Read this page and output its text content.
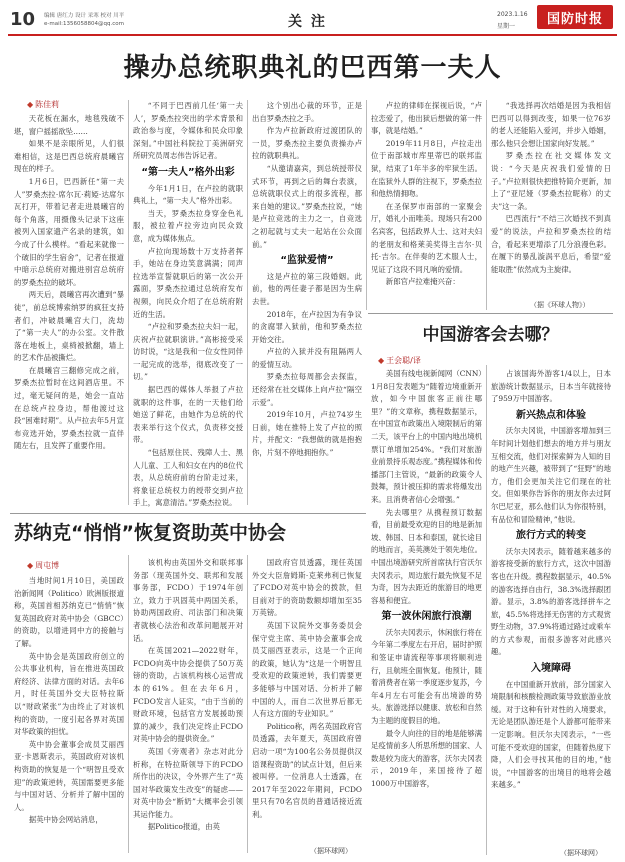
10 编辑 唐红力 设计 采寒 校对 川平
e-mail:1356058804@qq.com	关 注	2023.1.16
星期一	国防时报
操办总统职典礼的巴西第一夫人
◆ 陈佳莉

天花板在漏水，地毯残破不堪，窗户摇摇欲坠……

如果不是亲眼所见，人们很难相信，这是巴西总统府晨曦宫现在的样子。

1月6日，巴西新任“第一夫人”罗桑杰拉·席尔瓦·莉婭·达席尔瓦打开，带着记者走进晨曦宫的每个角落，用摄像头记录下这座被列入国家遗产名录的建筑，如今成了什么模样。“看起来就像一个破旧的学生宿舍”，记者在报道中暗示总统府对搬进别宫总统府的罗桑杰拉的破坏。

两天后，晨曦宫再次遭到“暴徒”，前总统博索纳罗的疯狂支持者们，冲破晨曦宫大门，洗劫了“第一夫人”的办公室。文件散落在地板上，桌椅被掀翻，墙上的艺术作品被撕烂。

在晨曦宫三翻修完成之前，罗桑杰拉暂时在这间酒店里。不过，毫无疑问的是，她会一直站在总统卢拉身边，帮他渡过这段“困难时期”。从卢拉去年5月宣布竞选开始，罗桑杰拉就一直伴随左右，且发挥了重要作用。

“不同于巴西前几任‘第一夫人’，罗桑杰拉突出的学术背景和政治参与度，令媒体和民众印象深刻。”中国社科院拉丁美洲研究所研究员周志伟告诉记者。

“第一夫人”格外出彩

今年1月1日，在卢拉的就职典礼上，“第一夫人”格外出彩。

当天，罗桑杰拉身穿金色礼服，被拉着卢拉旁边向民众致意，成为媒体焦点。

卢拉向现场数十万支持者挥手，她站在身边笑意满满；同声拉选举宣誓就职后的第一次公开露面，罗桑杰拉通过总统府发布视频，向民众介绍了在总统府附近的生活。

“卢拉和罗桑杰拉夫妇一起，庆祝卢拉就职演讲。”高彬接受采访时说，“这是我和一位女性同伴一起完成的选举，彻底改变了一切。”

据巴西的媒体人举报了卢拉就职的这件事，在的一天他们给她送了鲜花，由她作为总统的代表来举行这个仪式，负责移交授带。

“包括原住民、残障人士、黑人儿童、工人和妇女在内的8位代表，从总统府前的台阶走过来，将象征总统权力的绶带交到卢拉手上，寓意清洁。”罗桑杰拉说。

这个别出心裁的环节，正是出自罗桑杰拉之手。

作为卢拉新政府过渡团队的一员，罗桑杰拉主要负责操办卢拉的就职典礼。

“从邀请嘉宾，到总统授带仪式环节，再到之后的舞台表演，总统就职仪式上的很多流程，都来自她的建议。”罗桑杰拉说，“她是卢拉竞选的主力之一，自竞选之初起就与丈夫一起站在公众面前。”

“监狱爱情”

这是卢拉的第三段婚姻。此前，他的两任妻子都是因为生病去世。

2018年，在卢拉因为有争议的贪腐罪入狱前，他和罗桑杰拉开始交往。

卢拉的入狱并没有阻隔两人的爱情互动。

罗桑杰拉每周都会去探监，还经常在社交媒体上向卢拉“隔空示爱”。

2019年10月，卢拉74岁生日前，她在推特上发了卢拉的照片，并配文：“我想做的就是抱抱你，片刻不停地拥抱你。”

卢拉的律师在探视后说，“卢拉恋爱了，他出狱后想做的第一件事，就是结婚。”

2019年11月8日，卢拉走出位于南部城市库里蒂巴的联邦监狱，结束了1年半多的牢狱生活。在监狱外人群的注视下，罗桑杰拉和他热情拥吻。

在圣保罗市南部的一家聚会厅，婚礼小而唯美。现场只有200名宾客，包括政界人士、这对夫妇的老朋友和格莱美奖得主吉尔·贝托·吉尔。在伴奏的艺术服人士，见证了这段不同凡响的爱情。

新郎官卢拉难掩兴奋：

“我选择再次结婚是因为我相信巴西可以得到改变，如果一位76岁的老人还能陷入爱河，并步入婚姻，那么他只会想让国家向好发展。”

罗桑杰拉在社交媒体发文说：“今天是庆祝我们爱情的日子。”卢拉则很快把推特简介更新，加上了“亚尼娅（罗桑杰拉昵称）的丈夫”这一条。

巴西流行“不结三次婚找不到真爱”的说法，卢拉和罗桑杰拉的结合，看起来更增添了几分浪漫色彩。在履下的暴乱漩涡平息后，希望“爱能取胜”依然成为主旋律。

（据《环球人物》）
中国游客会去哪？
◆ 王会聪/译

美国有线电视新闻网（CNN）1月8日发表题为“随着边境重新开放，如今中国旅客正前往哪里？”的文章称，携程数据显示，在中国宣布政策出入境限制后的第二天，该平台上的中国内地出境机票订单增加254%。“我们对旅游业前景持乐观态度。”携程媒体和传播部门主管说，“最新的政策令人鼓舞，预计被压抑的需求将爆发出来。且消费者信心会增强。”

先去哪里？从携程预订数据看，目前最受欢迎的目的地是新加坡、韩国、日本和泰国，就长途目的地而言，美英澳处于领先地位。中国出境游研究所首席执行官沃尔夫冈表示，周边旅行最先恢复不足为奇，因为去距近的旅游目的地更容易和便宜。

第一波休闲旅行浪潮

沃尔夫冈表示，休闲旅行将在今年第二季度左右开启，届时护照和签证申请流程等事项将顺利进行，且航班全面恢复。他预计，随着消费者在第一季度逐步复苏，今年4月左右可能会有出境游的势头。旅游选择以健康、放松和自然为主题的度假目的地。

最令人向往的目的地是能够满足疫情前多人所思所想的国家、人数是较为庞大的游客，沃尔夫冈表示，2019年，来国接待了超1000万中国游客，

占该国海外游客1/4以上，日本旅游统计数据显示，日本当年就接待了959万中国游客。

新兴热点和体验

沃尔夫冈说，中国游客增加到三年时间计划他们想去的地方并与朋友互相交流，他们对探索鲜为人知的目的地产生兴趣，被带到了“狂野”的地方，他们会更加关注它们现在的社交。但如果你告诉你的朋友你去过阿尔巴尼亚，那么他们认为你很特别，有品位和冒险精神，”他说。

旅行方式的转变

沃尔夫冈表示，随着越来越多的游客接受新的旅行方式，这次中国游客也在升级。携程数据显示，40.5%的游客选择自由行，38.3%选择跟团游。显示，3.8%的游客选择拼车之旅，45.5%将选择无伤害的方式观赏野生动物，37.9%将通过路过或乘车的方式参观，而很多游客对此感兴趣。

入境障碍

在中国重新开放前，部分国家入境限制和核酸检测政策导致旅游业放缓。对于这种有针对性的入境要求，无论是团队游还是个人游都可能带来一定影响。但沃尔夫冈表示，“一些可能不受欢迎的国家，但随着热度下降，人们会寻找其他的目的地，”他说，“中国游客的出境目的地将会越来越多。”

（据环球网）
苏纳克“悄悄”恢复资助英中协会
◆ 周屯博

当地时间1月10日，美国政治新闻网（Politico）欧洲版报道称，英国首相苏纳克已“悄悄”恢复英国政府对英中协会（GBCC）的资助，以增进同中方的接触与了解。

英中协会是英国政府创立的公共事业机构，旨在推进英国政府经济、法律方面的对话。去年6月，时任英国外交大臣特拉斯以“财政紧张”为由终止了对该机构的资助，一度引起各界对英国对华政策的担忧。

英中协会董事会成员艾丽西亚·卡恩斯表示，英国政府对该机构资助的恢复是一个“明智且受欢迎”的政策逆转，英国需要更多能与中国对话、分析并了解中国的人。

据英中协会网站消息，

该机构由英国外交和联邦事务部（现英国外交、联邦和发展事务部，FCDO）于1974年创立，致力于巩固英中两国关系，协助两国政府、司法部门和决策者就核心法治和改革问题展开对话。

在英国2021—2022财年，FCDO向英中协会提供了50万英镑的资助，占该机构核心运营成本的61%。但在去年6月，FCDO发言人证实，“由于当前的财政环境，包括官方发展援助预算的减少，我们决定终止FCDO对英中协会的提供资金。”

英国《旁观者》杂志对此分析称，在特拉斯领导下的FCDO所作出的决议，令外界产生了“英国对华政策发生改变”的疑虑——对英中协会“断奶”大概率会引领其运作能力。

据Politico报道，由英

国政府官员透露，现任英国外交大臣詹姆斯·克莱弗利已恢复了FCDO对英中协会的拨款，但目前对于的资助数额却增加至35万英镑。

英国下议院外交事务委员会保守党主席、英中协会董事会成员艾丽西亚表示，这是一个正向的政策，她认为“这是一个明智且受欢迎的政策逆转，我们需要更多能够与中国对话、分析并了解中国的人，而自二次世界后都无人有这方面的专业知识。”

Politico称，两名英国政府官员透露，去年夏天，英国政府曾启动一项“为100名公务员提供汉语课程资助”的试点计划，但后来被叫停。一位消息人士透露，在2017年至2022年期间，FCDO里只有70名官员的普通话接近流利。

（据环球网）
